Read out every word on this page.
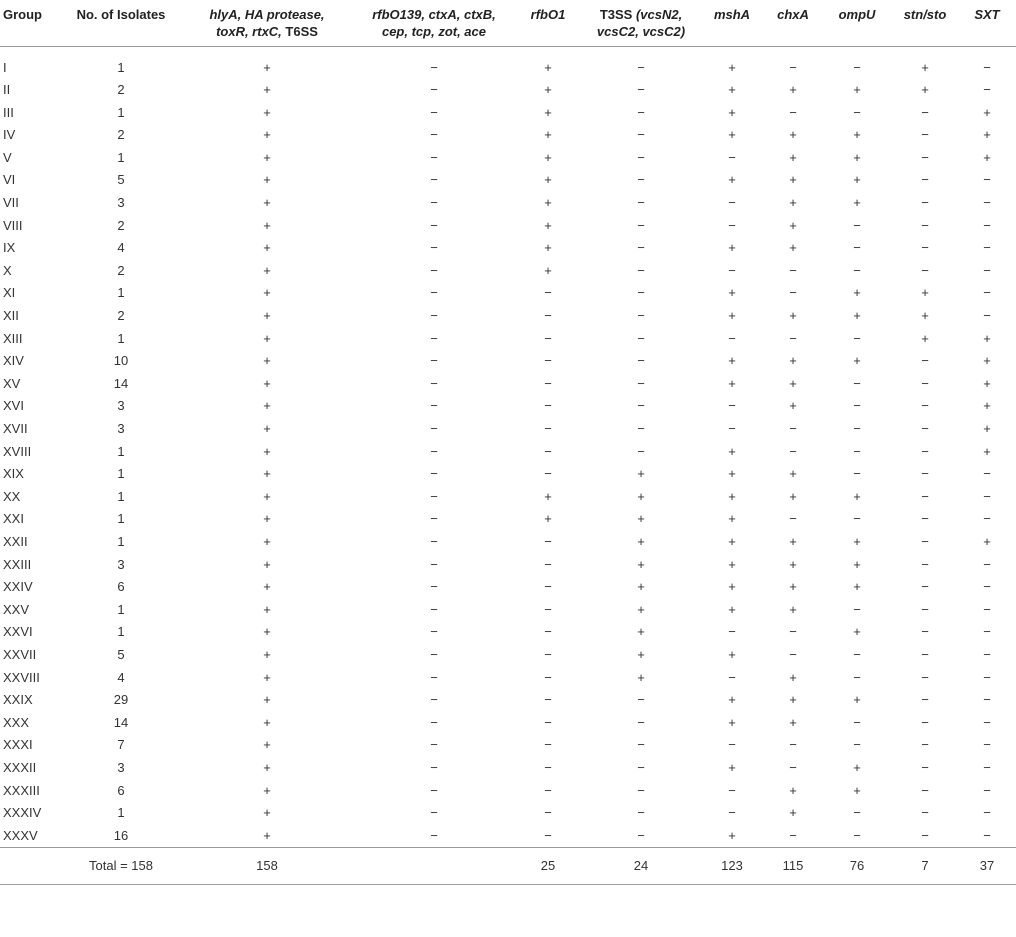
Group	No. of Isolates	hlyA, HA protease,
toxR, rtxC, T6SS	rfbO139, ctxA, ctxB,
cep, tcp, zot, ace	rfbO1	T3SS (vcsN2,
vcsC2, vcsC2)	mshA	chxA	ompU	stn/sto	SXT
I	1	+	−	+	−	+	−	−	+	−
II	2	+	−	+	−	+	+	+	+	−
III	1	+	−	+	−	+	−	−	−	+
IV	2	+	−	+	−	+	+	+	−	+
V	1	+	−	+	−	−	+	+	−	+
VI	5	+	−	+	−	+	+	+	−	−
VII	3	+	−	+	−	−	+	+	−	−
VIII	2	+	−	+	−	−	+	−	−	−
IX	4	+	−	+	−	+	+	−	−	−
X	2	+	−	+	−	−	−	−	−	−
XI	1	+	−	−	−	+	−	+	+	−
XII	2	+	−	−	−	+	+	+	+	−
XIII	1	+	−	−	−	−	−	−	+	+
XIV	10	+	−	−	−	+	+	+	−	+
XV	14	+	−	−	−	+	+	−	−	+
XVI	3	+	−	−	−	−	+	−	−	+
XVII	3	+	−	−	−	−	−	−	−	+
XVIII	1	+	−	−	−	+	−	−	−	+
XIX	1	+	−	−	+	+	+	−	−	−
XX	1	+	−	+	+	+	+	+	−	−
XXI	1	+	−	+	+	+	−	−	−	−
XXII	1	+	−	−	+	+	+	+	−	+
XXIII	3	+	−	−	+	+	+	+	−	−
XXIV	6	+	−	−	+	+	+	+	−	−
XXV	1	+	−	−	+	+	+	−	−	−
XXVI	1	+	−	−	+	−	−	+	−	−
XXVII	5	+	−	−	+	+	−	−	−	−
XXVIII	4	+	−	−	+	−	+	−	−	−
XXIX	29	+	−	−	−	+	+	+	−	−
XXX	14	+	−	−	−	+	+	−	−	−
XXXI	7	+	−	−	−	−	−	−	−	−
XXXII	3	+	−	−	−	+	−	+	−	−
XXXIII	6	+	−	−	−	−	+	+	−	−
XXXIV	1	+	−	−	−	−	+	−	−	−
XXXV	16	+	−	−	−	+	−	−	−	−
	Total = 158	158		25	24	123	115	76	7	37
